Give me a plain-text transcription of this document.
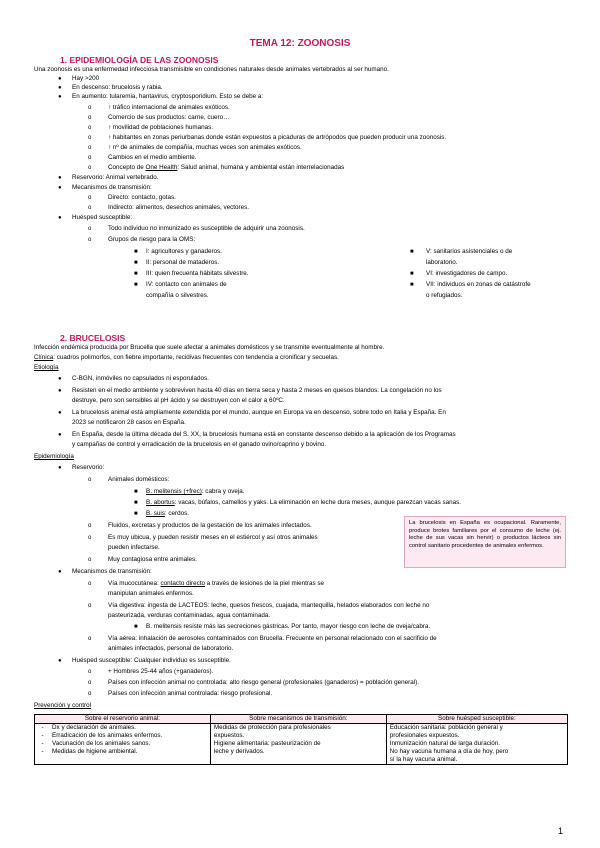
TEMA 12: ZOONOSIS
1. EPIDEMIOLOGÍA DE LAS ZOONOSIS
Una zoonosis es una enfermedad infecciosa transmisible en condiciones naturales desde animales vertebrados al ser humano.
● Hay >200
● En descenso: brucelosis y rabia.
● En aumento: tularemia, hantavirus, cryptosporidium. Esto se debe a:
o	↑ tráfico internacional de animales exóticos.
o	Comercio de sus productos: carne, cuero…
o	↑ movilidad de poblaciones humanas.
o	↑ habitantes en zonas periurbanas donde están expuestos a picaduras de artrópodos que pueden producir una zoonosis.
o	↑ nº de animales de compañía, muchas veces son animales exóticos.
o	Cambios en el medio ambiente.
o	Concepto de One Health: Salud animal, humana y ambiental están interrelacionadas
● Reservorio: Animal vertebrado.
● Mecanismos de transmisión:
o	Directo: contacto, gotas.
o	Indirecto: alimentos, desechos animales, vectores.
● Huésped susceptible:
o	Todo individuo no inmunizado es susceptible de adquirir una zoonosis.
o	Grupos de riesgo para la OMS:
■ I: agricultores y ganaderos.
■ II: personal de mataderos.
■ III: quien frecuenta hábitats silvestre.
■ IV: contacto con animales de
compañía o silvestres.
■ V: sanitarios asistenciales o de
laboratorio.
■ VI: investigadores de campo.
■ VII: individuos en zonas de catástrofe
o refugiados.
2. BRUCELOSIS
Infección endémica producida por Brucella que suele afectar a animales domésticos y se transmite eventualmente al hombre.
Clínica: cuadros polimorfos, con fiebre importante, recidivas frecuentes con tendencia a cronificar y secuelas.
Etiología
● C-BGN, inmóviles no capsulados ni esporulados.
● Resisten en el medio ambiente y sobreviven hasta 40 días en tierra seca y hasta 2 meses en quesos blandos. La congelación no los
destruye, pero son sensibles al pH ácido y se destruyen con el calor a 60ºC.
● La brucelosis animal está ampliamente extendida por el mundo, aunque en Europa va en descenso, sobre todo en Italia y España. En
2023 se notificaron 28 casos en España.
● En España, desde la última década del S. XX, la brucelosis humana está en constante descenso debido a la aplicación de los Programas
y campañas de control y erradicación de la brucelosis en el ganado ovino/caprino y bovino.
Epidemiología
● Reservorio:
o	Animales domésticos:
■ B. melitensis (+frec): cabra y oveja.
■ B. abortus: vacas, búfalos, camellos y yaks. La eliminación en leche dura meses, aunque parezcan vacas sanas.
■ B. suis: cerdos.
o	Fluidos, excretas y productos de la gestación de los animales infectados.
o	Es muy ubicua, y pueden resistir meses en el estiércol y así otros animales
pueden infectarse.
o	Muy contagiosa entre animales.

La brucelosis en España es ocupacional. Raramente, produce brotes familiares por el consumo de leche (ej. leche de sus vacas sin hervir) o productos lácteos sin control sanitario procedentes de animales enfermos.

● Mecanismos de transmisión:
o	Vía mucocutánea: contacto directo a través de lesiones de la piel mientras se
manipulan animales enfermos.
o	Vía digestiva: ingesta de LACTEOS: leche, quesos frescos, cuajada, mantequilla, helados elaborados con leche no
pasteurizada, verduras contaminadas, agua contaminada.
■ B. melitensis resiste más las secreciones gástricas. Por tanto, mayor riesgo con leche de oveja/cabra.
o	Vía aérea: inhalación de aerosoles contaminados con Brucella. Frecuente en personal relacionado con el sacrificio de
animales infectados, personal de laboratorio.
● Huésped susceptible: Cualquier individuo es susceptible.
o	+ Hombres 25-44 años (+ganaderos).
o	Países con infección animal no controlada: alto riesgo general (profesionales (ganaderos) = población general).
o	Países con infección animal controlada: riesgo profesional.
Prevención y control
Sobre el reservorio animal:	Sobre mecanismos de transmisión:	Sobre huésped susceptible:

- Dx y declaración de animales.
- Erradicación de los animales enfermos.
- Vacunación de los animales sanos.
- Medidas de higiene ambiental.	Medidas de protección para profesionales
expuestos.
Higiene alimentaria: pasteurización de
leche y derivados.	Educación sanitaria: población general y
profesionales expuestos.
Inmunización natural de larga duración.
No hay vacuna humana a día de hoy, pero
sí la hay vacuna animal.
1
